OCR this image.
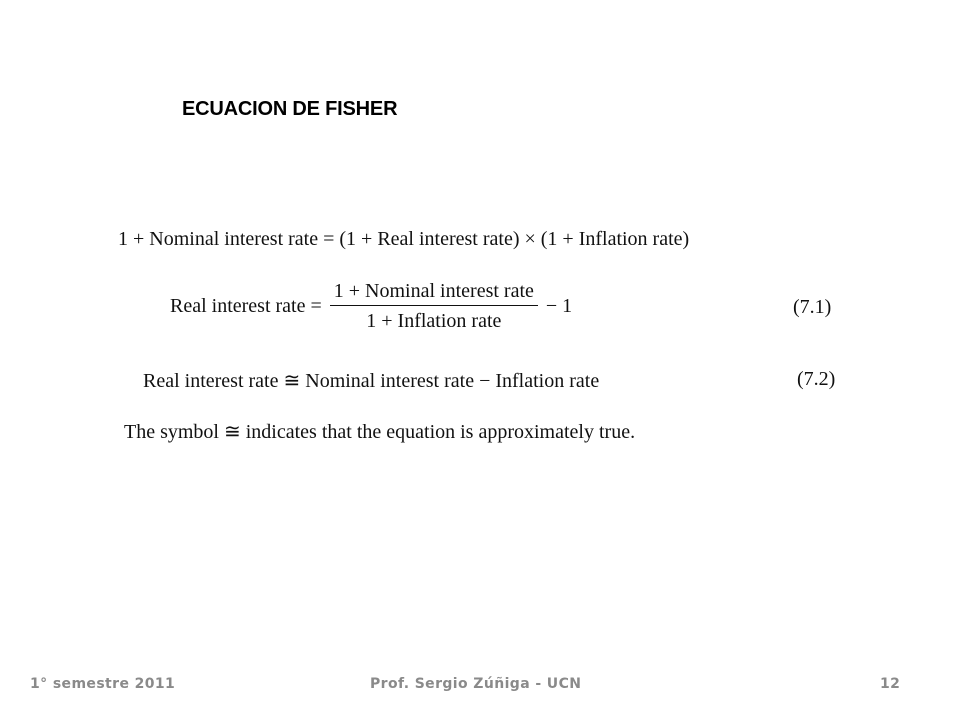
ECUACION DE FISHER
1 + Nominal interest rate = (1 + Real interest rate) × (1 + Inflation rate)
Real interest rate = $\frac{\text{1 + Nominal interest rate}}{\text{1 + Inflation rate}} - 1$	(7.1)
Real interest rate ≅ Nominal interest rate − Inflation rate	(7.2)
The symbol ≅ indicates that the equation is approximately true.
1° semestre 2011	Prof. Sergio Zúñiga - UCN	12
